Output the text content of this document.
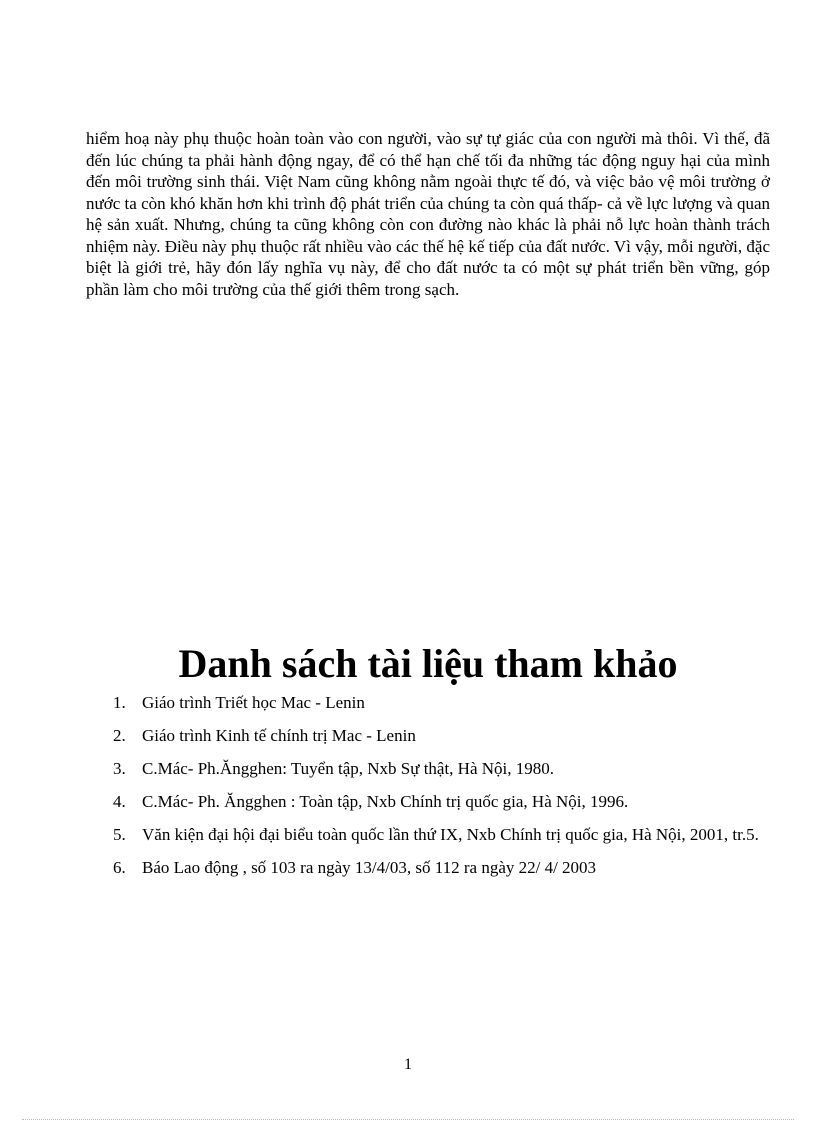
hiểm hoạ này phụ thuộc hoàn toàn vào con người, vào sự tự giác của con người mà thôi. Vì thế, đã đến lúc chúng ta phải hành động ngay, để có thể hạn chế tối đa những tác động nguy hại của mình đến môi trường sinh thái. Việt Nam cũng không nằm ngoài thực tế đó, và việc bảo vệ môi trường ở nước ta còn khó khăn hơn khi trình độ phát triển của chúng ta còn quá thấp- cả về lực lượng và quan hệ sản xuất. Nhưng, chúng ta cũng không còn con đường nào khác là phải nỗ lực hoàn thành trách nhiệm này. Điều này phụ thuộc rất nhiều vào các thế hệ kế tiếp của đất nước. Vì vậy, mỗi người, đặc biệt là giới trẻ, hãy đón lấy nghĩa vụ này, để cho đất nước ta có một sự phát triển bền vững, góp phần làm cho môi trường của thế giới thêm trong sạch.

Danh sách tài liệu tham khảo
1. Giáo trình Triết học Mac - Lenin
2. Giáo trình Kinh tế chính trị Mac - Lenin
3. C.Mác- Ph.Ăngghen: Tuyển tập, Nxb Sự thật, Hà Nội, 1980.
4. C.Mác- Ph. Ăngghen : Toàn tập, Nxb Chính trị quốc gia, Hà Nội, 1996.
5. Văn kiện đại hội đại biểu toàn quốc lần thứ IX, Nxb Chính trị quốc gia, Hà Nội, 2001, tr.5.
6. Báo Lao động , số 103 ra ngày 13/4/03, số 112 ra ngày 22/ 4/ 2003
1
